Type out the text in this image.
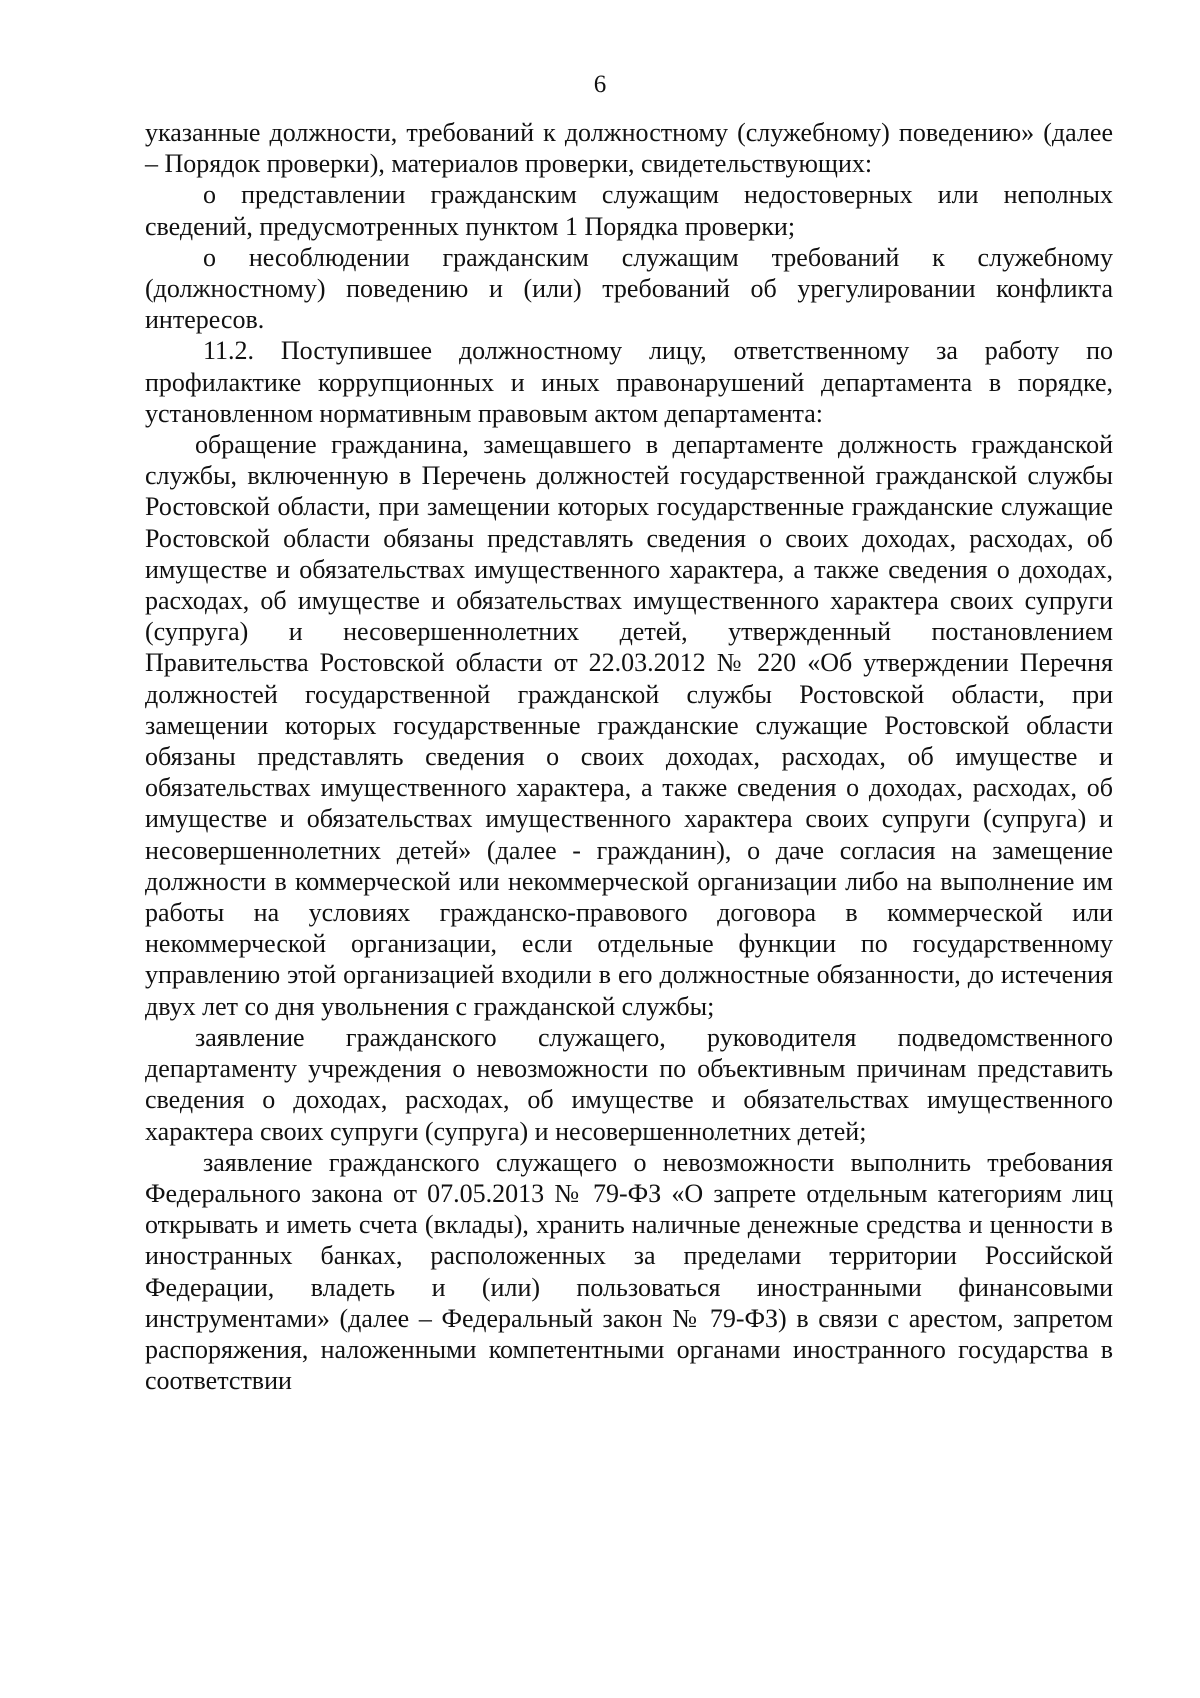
6

указанные должности, требований к должностному (служебному) поведению» (далее – Порядок проверки), материалов проверки, свидетельствующих:

о представлении гражданским служащим недостоверных или неполных сведений, предусмотренных пунктом 1 Порядка проверки;

о несоблюдении гражданским служащим требований к служебному (должностному) поведению и (или) требований об урегулировании конфликта интересов.

11.2. Поступившее должностному лицу, ответственному за работу по профилактике коррупционных и иных правонарушений департамента в порядке, установленном нормативным правовым актом департамента:

обращение гражданина, замещавшего в департаменте должность гражданской службы, включенную в Перечень должностей государственной гражданской службы Ростовской области, при замещении которых государственные гражданские служащие Ростовской области обязаны представлять сведения о своих доходах, расходах, об имуществе и обязательствах имущественного характера, а также сведения о доходах, расходах, об имуществе и обязательствах имущественного характера своих супруги (супруга) и несовершеннолетних детей, утвержденный постановлением Правительства Ростовской области от 22.03.2012 № 220 «Об утверждении Перечня должностей государственной гражданской службы Ростовской области, при замещении которых государственные гражданские служащие Ростовской области обязаны представлять сведения о своих доходах, расходах, об имуществе и обязательствах имущественного характера, а также сведения о доходах, расходах, об имуществе и обязательствах имущественного характера своих супруги (супруга) и несовершеннолетних детей» (далее - гражданин), о даче согласия на замещение должности в коммерческой или некоммерческой организации либо на выполнение им работы на условиях гражданско-правового договора в коммерческой или некоммерческой организации, если отдельные функции по государственному управлению этой организацией входили в его должностные обязанности, до истечения двух лет со дня увольнения с гражданской службы;

заявление гражданского служащего, руководителя подведомственного департаменту учреждения о невозможности по объективным причинам представить сведения о доходах, расходах, об имуществе и обязательствах имущественного характера своих супруги (супруга) и несовершеннолетних детей;

заявление гражданского служащего о невозможности выполнить требования Федерального закона от 07.05.2013 № 79-ФЗ «О запрете отдельным категориям лиц открывать и иметь счета (вклады), хранить наличные денежные средства и ценности в иностранных банках, расположенных за пределами территории Российской Федерации, владеть и (или) пользоваться иностранными финансовыми инструментами» (далее – Федеральный закон № 79-ФЗ) в связи с арестом, запретом распоряжения, наложенными компетентными органами иностранного государства в соответствии
